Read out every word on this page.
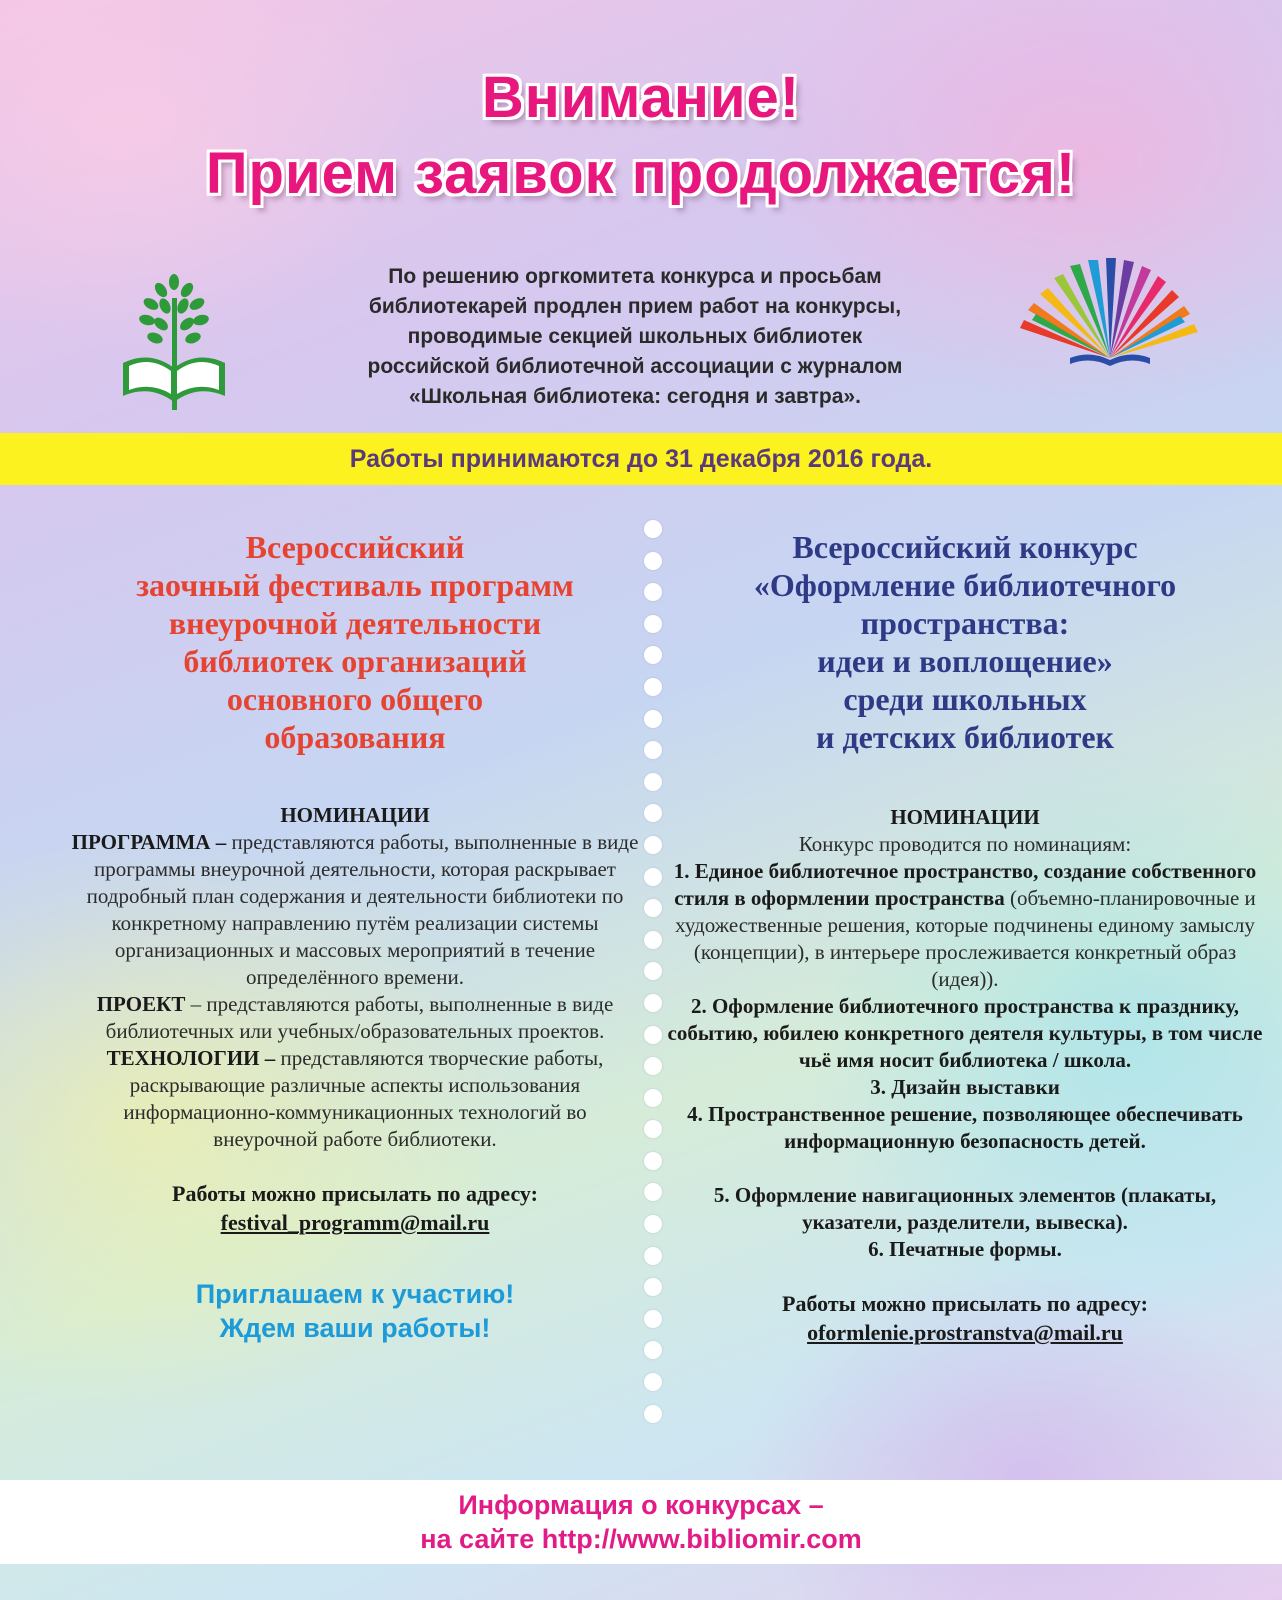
Внимание!
Прием заявок продолжается!
По решению оргкомитета конкурса и просьбам
библиотекарей продлен прием работ на конкурсы,
проводимые секцией школьных библиотек
российской библиотечной ассоциации с журналом
«Школьная библиотека: сегодня и завтра».
Работы принимаются до 31 декабря 2016 года.
Всероссийский
заочный фестиваль программ
внеурочной деятельности
библиотек организаций
основного общего
образования
НОМИНАЦИИ
ПРОГРАММА – представляются работы, выполненные в виде программы внеурочной деятельности, которая раскрывает подробный план содержания и деятельности библиотеки по конкретному направлению путём реализации системы организационных и массовых мероприятий в течение определённого времени.
ПРОЕКТ – представляются работы, выполненные в виде библиотечных или учебных/образовательных проектов.
ТЕХНОЛОГИИ – представляются творческие работы, раскрывающие различные аспекты использования информационно-коммуникационных технологий во внеурочной работе библиотеки.
Работы можно присылать по адресу:
festival_programm@mail.ru
Приглашаем к участию!
Ждем ваши работы!
Всероссийский конкурс
«Оформление библиотечного
пространства:
идеи и воплощение»
среди школьных
и детских библиотек
НОМИНАЦИИ
Конкурс проводится по номинациям:
1. Единое библиотечное пространство, создание собственного стиля в оформлении пространства (объемно-планировочные и художественные решения, которые подчинены единому замыслу (концепции), в интерьере прослеживается конкретный образ (идея)).
2. Оформление библиотечного пространства к празднику, событию, юбилею конкретного деятеля культуры, в том числе чьё имя носит библиотека / школа.
3. Дизайн выставки
4. Пространственное решение, позволяющее обеспечивать информационную безопасность детей.
5. Оформление навигационных элементов (плакаты, указатели, разделители, вывеска).
6. Печатные формы.
Работы можно присылать по адресу:
oformlenie.prostranstva@mail.ru
Информация о конкурсах –
на сайте http://www.bibliomir.com
